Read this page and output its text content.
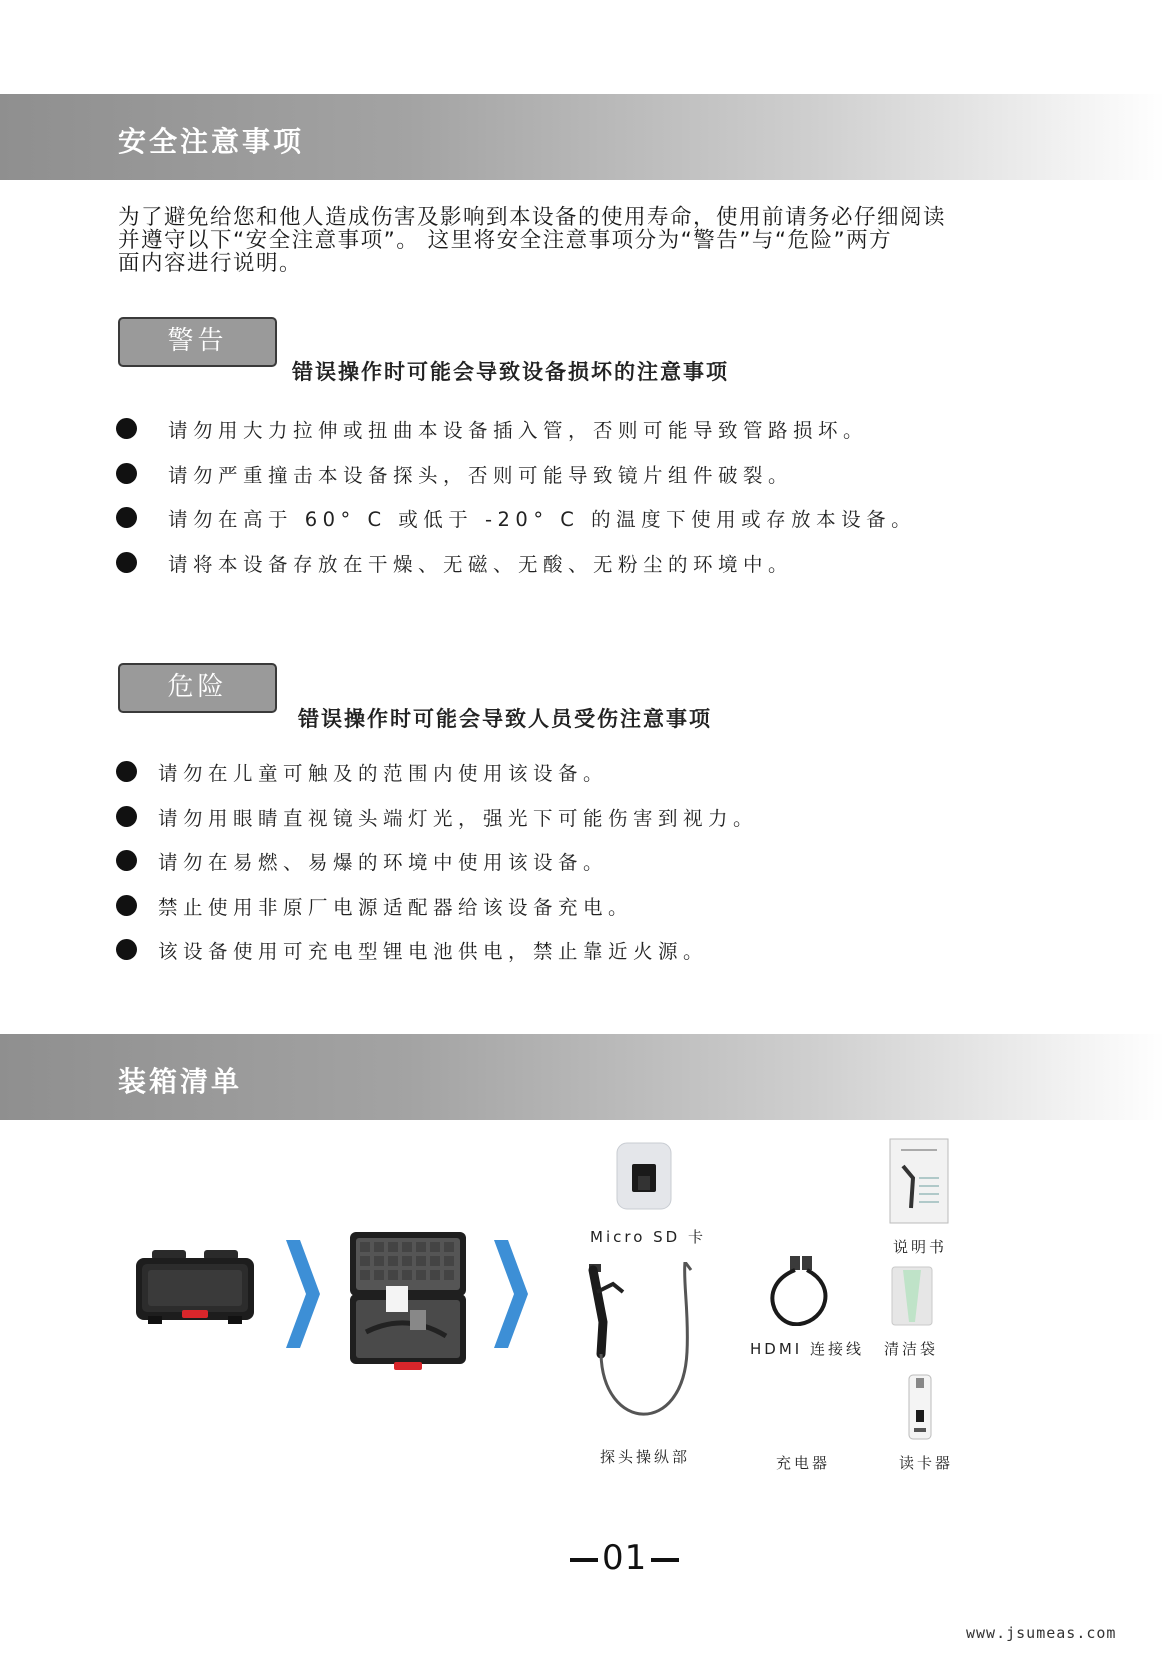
安全注意事项
为了避免给您和他人造成伤害及影响到本设备的使用寿命，使用前请务必仔细阅读
并遵守以下“安全注意事项”。 这里将安全注意事项分为“警告”与“危险”两方
面内容进行说明。
警告
错误操作时可能会导致设备损坏的注意事项
请勿用大力拉伸或扭曲本设备插入管，否则可能导致管路损坏。
请勿严重撞击本设备探头，否则可能导致镜片组件破裂。
请勿在高于 60° C 或低于 -20° C 的温度下使用或存放本设备。
请将本设备存放在干燥、无磁、无酸、无粉尘的环境中。
危险
错误操作时可能会导致人员受伤注意事项
请勿在儿童可触及的范围内使用该设备。
请勿用眼睛直视镜头端灯光，强光下可能伤害到视力。
请勿在易燃、易爆的环境中使用该设备。
禁止使用非原厂电源适配器给该设备充电。
该设备使用可充电型锂电池供电，禁止靠近火源。
装箱清单
Micro SD 卡
探头操纵部
说明书
HDMI 连接线 清洁袋
充电器	读卡器
01
www.jsumeas.com
